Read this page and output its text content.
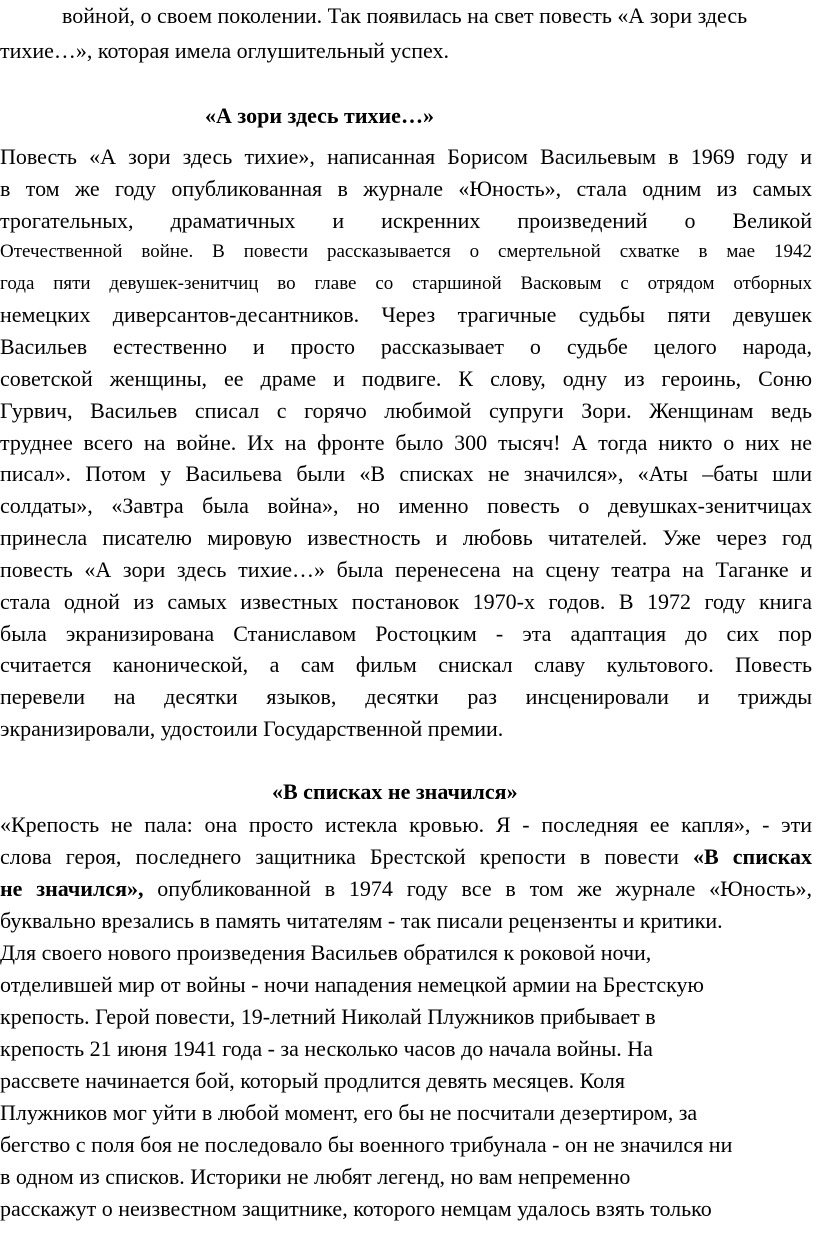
войной, о своем поколении. Так появилась на свет повесть «А зори здесь
тихие…», которая имела оглушительный успех.
«А зори здесь тихие…»
Повесть «А зори здесь тихие», написанная Борисом Васильевым в 1969 году и
в том же году опубликованная в журнале «Юность», стала одним из самых
трогательных, драматичных и искренних произведений о Великой
Отечественной войне. В повести рассказывается о смертельной схватке в мае 1942
года пяти девушек-зенитчиц во главе со старшиной Васковым с отрядом отборных
немецких диверсантов-десантников. Через трагичные судьбы пяти девушек
Васильев естественно и просто рассказывает о судьбе целого народа,
советской женщины, ее драме и подвиге. К слову, одну из героинь, Соню
Гурвич, Васильев списал с горячо любимой супруги Зори. Женщинам ведь
труднее всего на войне. Их на фронте было 300 тысяч! А тогда никто о них не
писал». Потом у Васильева были «В списках не значился», «Аты –баты шли
солдаты», «Завтра была война», но именно повесть о девушках-зенитчицах
принесла писателю мировую известность и любовь читателей. Уже через год
повесть «А зори здесь тихие…» была перенесена на сцену театра на Таганке и
стала одной из самых известных постановок 1970-х годов. В 1972 году книга
была экранизирована Станиславом Ростоцким - эта адаптация до сих пор
считается канонической, а сам фильм снискал славу культового. Повесть
перевели на десятки языков, десятки раз инсценировали и трижды
экранизировали, удостоили Государственной премии.
«В списках не значился»
«Крепость не пала: она просто истекла кровью. Я - последняя ее капля», - эти
слова героя, последнего защитника Брестской крепости в повести «В списках
не значился», опубликованной в 1974 году все в том же журнале «Юность»,
буквально врезались в память читателям - так писали рецензенты и критики.
Для своего нового произведения Васильев обратился к роковой ночи,
отделившей мир от войны - ночи нападения немецкой армии на Брестскую
крепость. Герой повести, 19-летний Николай Плужников прибывает в
крепость 21 июня 1941 года - за несколько часов до начала войны. На
рассвете начинается бой, который продлится девять месяцев. Коля
Плужников мог уйти в любой момент, его бы не посчитали дезертиром, за
бегство с поля боя не последовало бы военного трибунала - он не значился ни
в одном из списков. Историки не любят легенд, но вам непременно
расскажут о неизвестном защитнике, которого немцам удалось взять только
